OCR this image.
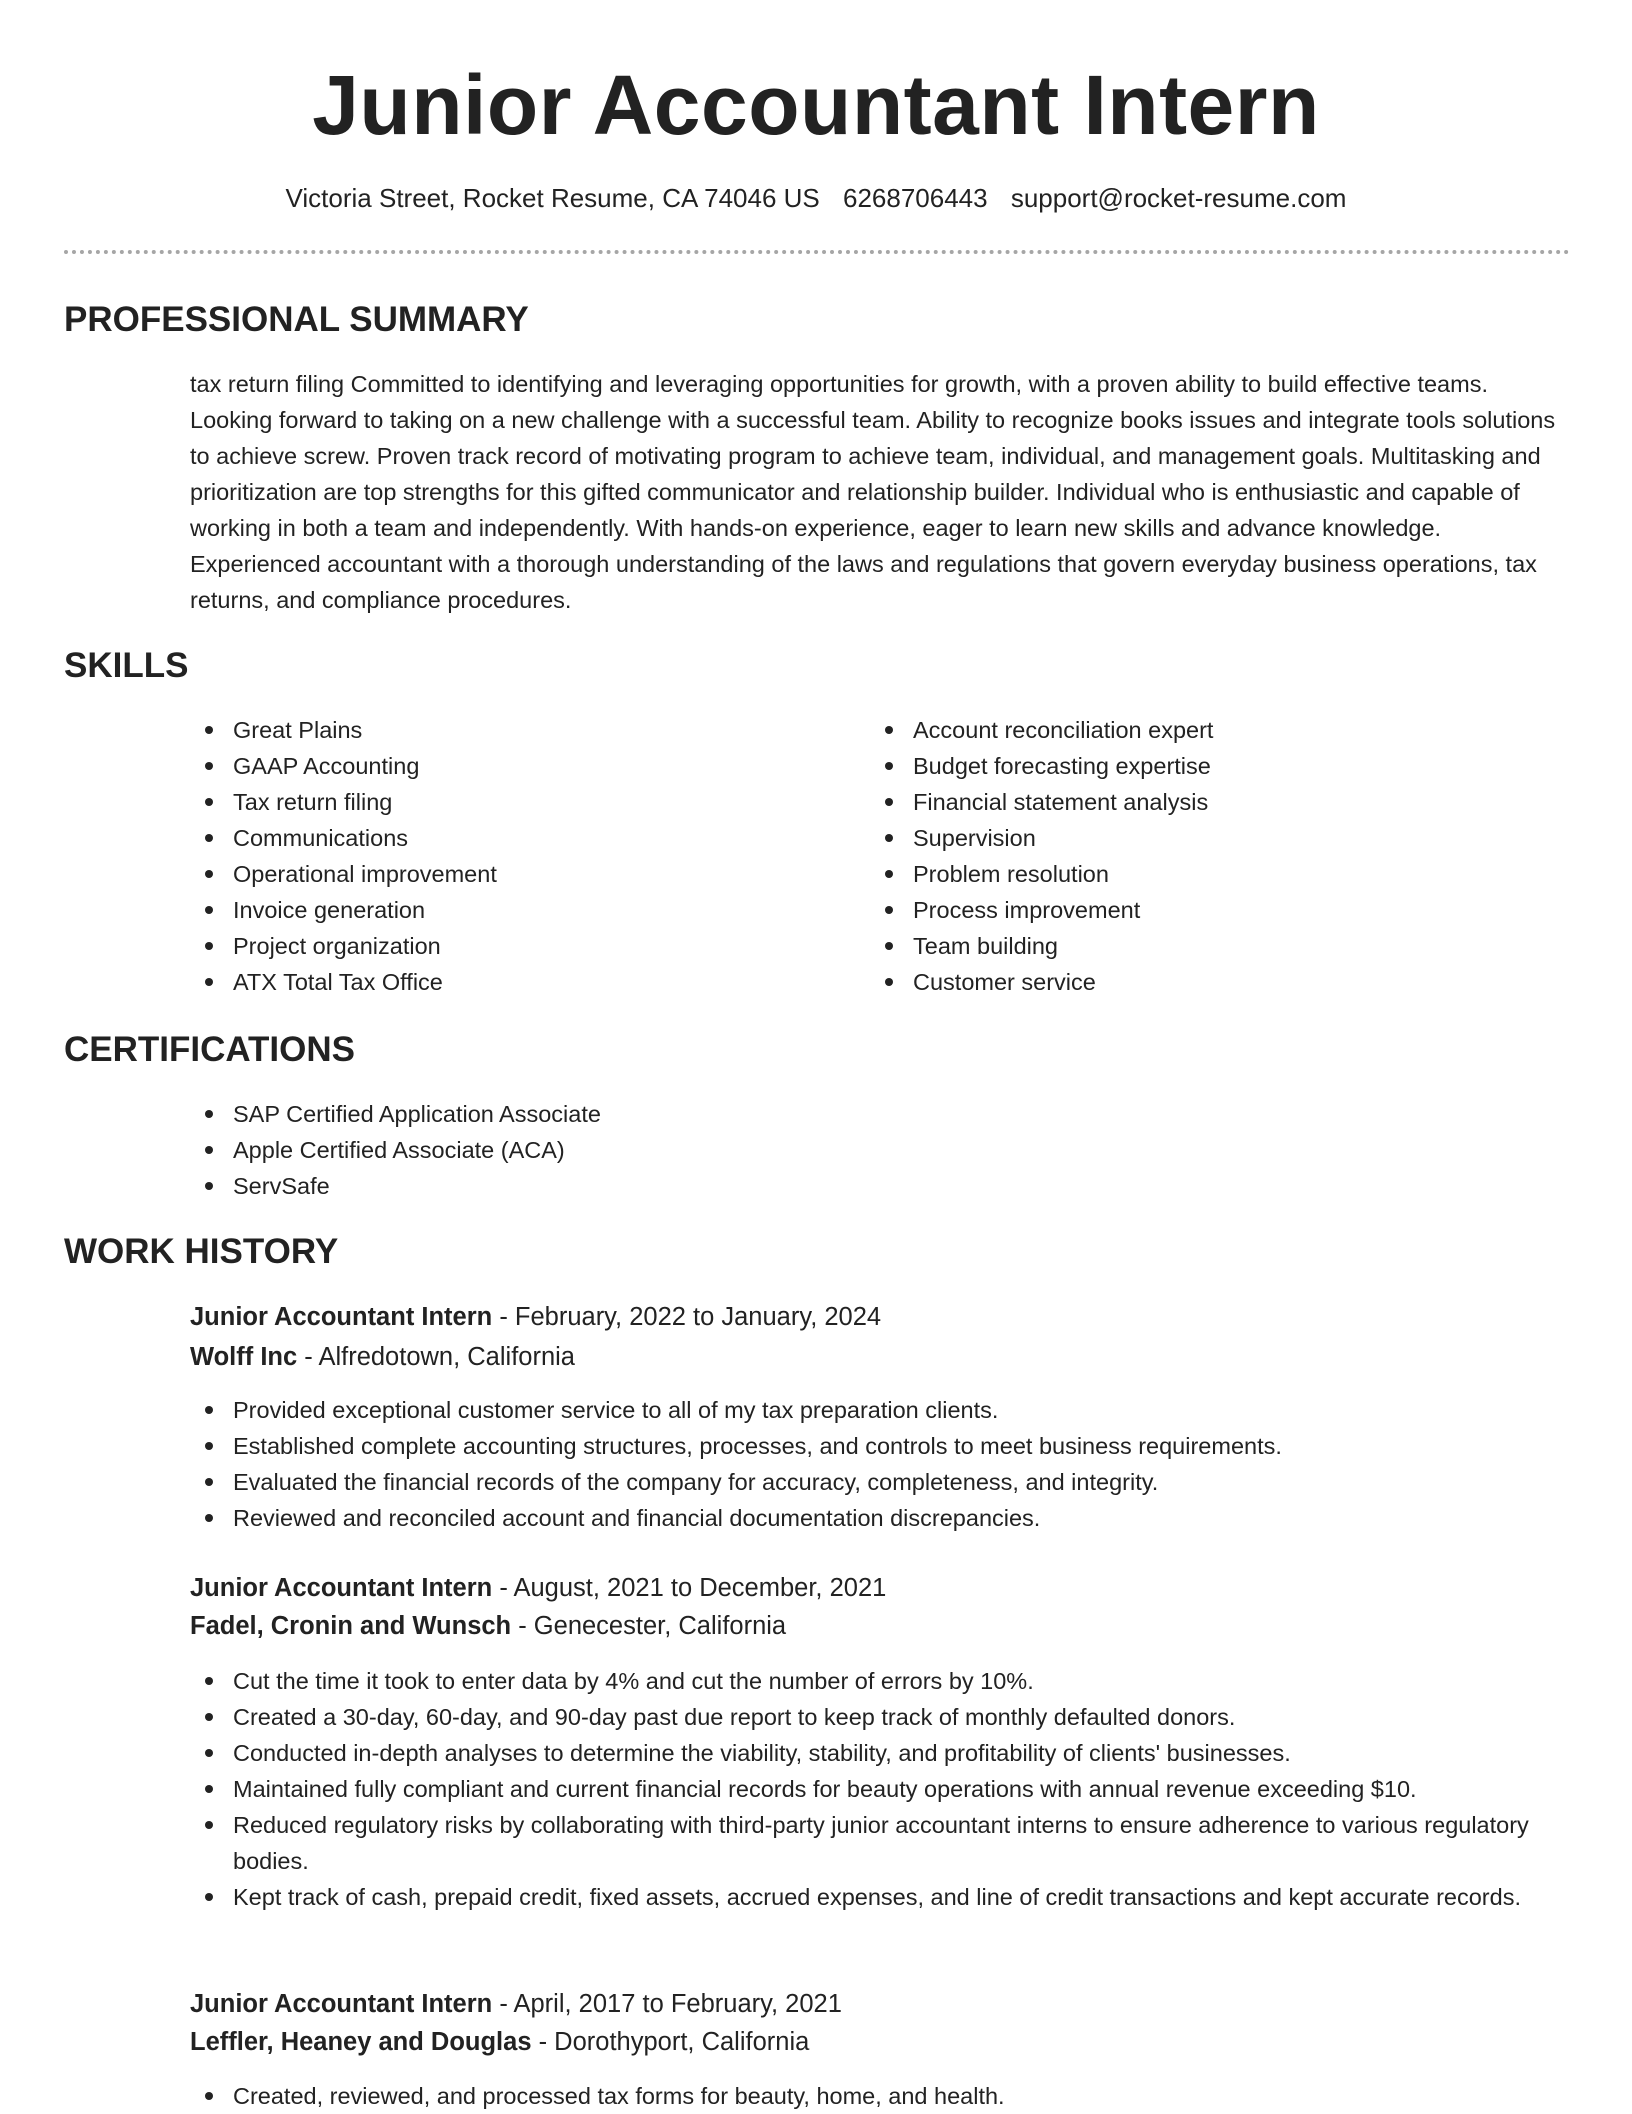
Junior Accountant Intern
Victoria Street, Rocket Resume, CA 74046 US 6268706443 support@rocket-resume.com
PROFESSIONAL SUMMARY

tax return filing Committed to identifying and leveraging opportunities for growth, with a proven ability to build effective teams. Looking forward to taking on a new challenge with a successful team. Ability to recognize books issues and integrate tools solutions to achieve screw. Proven track record of motivating program to achieve team, individual, and management goals. Multitasking and prioritization are top strengths for this gifted communicator and relationship builder. Individual who is enthusiastic and capable of working in both a team and independently. With hands-on experience, eager to learn new skills and advance knowledge. Experienced accountant with a thorough understanding of the laws and regulations that govern everyday business operations, tax returns, and compliance procedures.

SKILLS
Great Plains
GAAP Accounting
Tax return filing
Communications
Operational improvement
Invoice generation
Project organization
ATX Total Tax Office
Account reconciliation expert
Budget forecasting expertise
Financial statement analysis
Supervision
Problem resolution
Process improvement
Team building
Customer service
CERTIFICATIONS
SAP Certified Application Associate
Apple Certified Associate (ACA)
ServSafe
WORK HISTORY
Junior Accountant Intern - February, 2022 to January, 2024
Wolff Inc - Alfredotown, California
Provided exceptional customer service to all of my tax preparation clients.
Established complete accounting structures, processes, and controls to meet business requirements.
Evaluated the financial records of the company for accuracy, completeness, and integrity.
Reviewed and reconciled account and financial documentation discrepancies.
Junior Accountant Intern - August, 2021 to December, 2021
Fadel, Cronin and Wunsch - Genecester, California
Cut the time it took to enter data by 4% and cut the number of errors by 10%.
Created a 30-day, 60-day, and 90-day past due report to keep track of monthly defaulted donors.
Conducted in-depth analyses to determine the viability, stability, and profitability of clients' businesses.
Maintained fully compliant and current financial records for beauty operations with annual revenue exceeding $10.
Reduced regulatory risks by collaborating with third-party junior accountant interns to ensure adherence to various regulatory bodies.
Kept track of cash, prepaid credit, fixed assets, accrued expenses, and line of credit transactions and kept accurate records.
Junior Accountant Intern - April, 2017 to February, 2021
Leffler, Heaney and Douglas - Dorothyport, California
Created, reviewed, and processed tax forms for beauty, home, and health.
